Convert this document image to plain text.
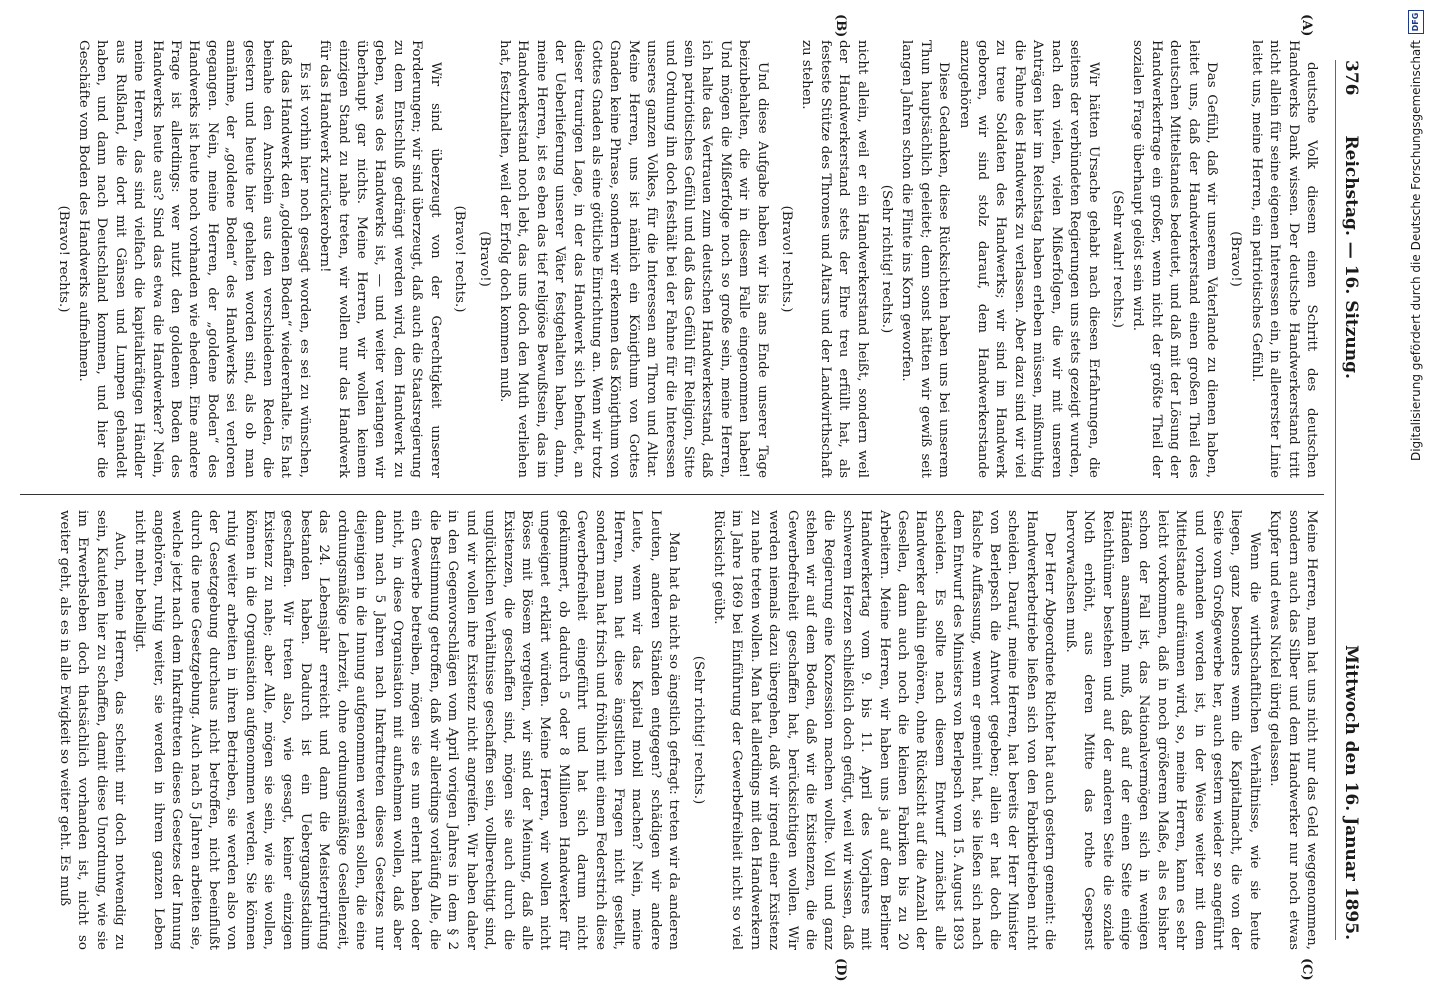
376
Reichstag. — 16. Sitzung.
Mittwoch den 16. Januar 1895.
(A)
(B)
(C)
(D)

deutsche Volk diesem einen Schritt des deutschen Handwerks Dank wissen. Der deutsche Handwerkerstand tritt nicht allein für seine eigenen Interessen ein, in allererster Linie leitet uns, meine Herren, ein patriotisches Gefühl.

(Bravo!)

Das Gefühl, daß wir unserem Vaterlande zu dienen haben, leitet uns, daß der Handwerkerstand einen großen Theil des deutschen Mittelstandes bedeutet, und daß mit der Lösung der Handwerkerfrage ein großer, wenn nicht der größte Theil der sozialen Frage überhaupt gelöst sein wird.

(Sehr wahr! rechts.)

Wir hätten Ursache gehabt nach diesen Erfahrungen, die seitens der verbündeten Regierungen uns stets gezeigt wurden, nach den vielen, vielen Mißerfolgen, die wir mit unseren Anträgen hier im Reichstag haben erleben müssen, mißmuthig die Fahne des Handwerks zu verlassen. Aber dazu sind wir viel zu treue Soldaten des Handwerks; wir sind im Handwerk geboren, wir sind stolz darauf, dem Handwerkerstande anzugehören

Diese Gedanken, diese Rücksichten haben uns bei unserem Thun hauptsächlich geleitet; denn sonst hätten wir gewiß seit langen Jahren schon die Flinte ins Korn geworfen.

(Sehr richtig! rechts.)

nicht allein, weil er ein Handwerkerstand heißt, sondern weil der Handwerkerstand stets der Ehre treu erfüllt hat, als festeste Stütze des Thrones und Altars und der Landwirthschaft zu stehen.

(Bravo! rechts.)

Und diese Aufgabe haben wir bis ans Ende unserer Tage beizubehalten, die wir in diesem Falle eingenommen haben! Und mögen die Mißerfolge noch so große sein, meine Herren, ich halte das Vertrauen zum deutschen Handwerkerstand, daß sein patriotisches Gefühl und daß das Gefühl für Religion, Sitte und Ordnung ihn doch festhält bei der Fahne für die Interessen unseres ganzen Volkes, für die Interessen am Thron und Altar. Meine Herren, uns ist nämlich ein Königthum von Gottes Gnaden keine Phrase, sondern wir erkennen das Königthum von Gottes Gnaden als eine göttliche Einrichtung an. Wenn wir trotz dieser traurigen Lage, in der das Handwerk sich befindet, an der Ueberlieferung unserer Väter festgehalten haben, dann, meine Herren, ist es eben das tief religiöse Bewußtsein, das im Handwerkerstand noch lebt, das uns doch den Muth verliehen hat, festzuhalten, weil der Erfolg doch kommen muß.

(Bravo!)

(Bravo! rechts.)

Wir sind überzeugt von der Gerechtigkeit unserer Forderungen; wir sind überzeugt, daß auch die Staatsregierung zu dem Entschluß gedrängt werden wird, dem Handwerk zu geben, was des Handwerks ist, — und weiter verlangen wir überhaupt gar nichts. Meine Herren, wir wollen keinem einzigen Stand zu nahe treten, wir wollen nur das Handwerk für das Handwerk zurückerobern!

Es ist vorhin hier noch gesagt worden, es sei zu wünschen, daß das Handwerk den „goldenen Boden“ wiedererhalte. Es hat beinahe den Anschein aus den verschiedenen Reden, die gestern und heute hier gehalten worden sind, als ob man annähme, der „goldene Boden“ des Handwerks sei verloren gegangen. Nein, meine Herren, der „goldene Boden“ des Handwerks ist heute noch vorhanden wie ehedem. Eine andere Frage ist allerdings: wer nutzt den goldenen Boden des Handwerks heute aus? Sind das etwa die Handwerker? Nein, meine Herren, das sind vielfach die kapitalkräftigen Händler aus Rußland, die dort mit Gänsen und Lumpen gehandelt haben, und dann nach Deutschland kommen, und hier die Geschäfte vom Boden des Handwerks aufnehmen.

(Bravo! rechts.)

Meine Herren, man hat uns nicht nur das Geld weggenommen, sondern auch das Silber und dem Handwerker nur noch etwas Kupfer und etwas Nickel übrig gelassen.

Wenn die wirthschaftlichen Verhältnisse, wie sie heute liegen, ganz besonders wenn die Kapitalmacht, die von der Seite vom Großgewerbe her, auch gestern wieder so angeführt und vorhanden worden ist, in der Weise weiter mit dem Mittelstande aufräumen wird, so, meine Herren, kann es sehr leicht vorkommen, daß in noch größerem Maße, als es bisher schon der Fall ist, das Nationalvermögen sich in wenigen Händen ansammeln muß, daß auf der einen Seite einige Reichthümer bestehen und auf der anderen Seite die soziale Noth erhöht, aus deren Mitte das rothe Gespenst hervorwachsen muß.

Der Herr Abgeordnete Richter hat auch gestern gemeint: die Handwerkerbetriebe ließen sich von den Fabrikbetrieben nicht scheiden. Darauf, meine Herren, hat bereits der Herr Minister von Berlepsch die Antwort gegeben; allein er hat doch die falsche Auffassung, wenn er gemeint hat, sie ließen sich nach dem Entwurf des Ministers von Berlepsch vom 15. August 1893 scheiden. Es sollte nach diesem Entwurf zunächst alle Handwerker dahin gehören, ohne Rücksicht auf die Anzahl der Gesellen, dann auch noch die kleinen Fabriken bis zu 20 Arbeitern. Meine Herren, wir haben uns ja auf dem Berliner Handwerkertag vom 9. bis 11. April des Vorjahres mit schwerem Herzen schließlich doch gefügt, weil wir wissen, daß die Regierung eine Konzession machen wollte. Voll und ganz stehen wir auf dem Boden, daß wir die Existenzen, die die Gewerbefreiheit geschaffen hat, berücksichtigen wollen. Wir werden niemals dazu übergehen, daß wir irgend einer Existenz zu nahe treten wollen. Man hat allerdings mit den Handwerkern im Jahre 1869 bei Einführung der Gewerbefreiheit nicht so viel Rücksicht geübt.

(Sehr richtig! rechts.)

Man hat da nicht so ängstlich gefragt: treten wir da anderen Leuten, anderen Ständen entgegen? schädigen wir andere Leute, wenn wir das Kapital mobil machen? Nein, meine Herren, man hat diese ängstlichen Fragen nicht gestellt, sondern man hat frisch und fröhlich mit einem Federstrich diese Gewerbefreiheit eingeführt und hat sich darum nicht gekümmert, ob dadurch 5 oder 8 Millionen Handwerker für ungeeignet erklärt würden. Meine Herren, wir wollen nicht Böses mit Bösem vergelten, wir sind der Meinung, daß alle Existenzen, die geschaffen sind, mögen sie auch durch die unglücklichen Verhältnisse geschaffen sein, vollberechtigt sind, und wir wollen ihre Existenz nicht angreifen. Wir haben daher in den Gegenvorschlägen vom April vorigen Jahres in dem § 2 die Bestimmung getroffen, daß wir allerdings vorläufig Alle, die ein Gewerbe betreiben, mögen sie es nun erlernt haben oder nicht, in diese Organisation mit aufnehmen wollen, daß aber dann nach 5 Jahren nach Inkrafttreten dieses Gesetzes nur diejenigen in die Innung aufgenommen werden sollen, die eine ordnungsmäßige Lehrzeit, ohne ordnungsmäßige Gesellenzeit, das 24. Lebensjahr erreicht und dann die Meisterprüfung bestanden haben. Dadurch ist ein Uebergangsstadium geschaffen. Wir treten also, wie gesagt, keiner einzigen Existenz zu nahe; aber Alle, mögen sie sein, wie sie wollen, können in die Organisation aufgenommen werden. Sie können ruhig weiter arbeiten in ihren Betrieben, sie werden also von der Gesetzgebung durchaus nicht betroffen, nicht beeinflußt durch die neue Gesetzgebung. Auch nach 5 Jahren arbeiten sie, welche jetzt nach dem Inkrafttreten dieses Gesetzes der Innung angehören, ruhig weiter, sie werden in ihrem ganzen Leben nicht mehr behelligt.

Auch, meine Herren, das scheint mir doch notwendig zu sein, Kautelen hier zu schaffen, damit diese Unordnung, wie sie im Erwerbsleben doch thatsächlich vorhanden ist, nicht so weiter geht, als es in alle Ewigkeit so weiter geht. Es muß

Digitalisierung gefördert durch die Deutsche Forschungsgemeinschaft
DFG
